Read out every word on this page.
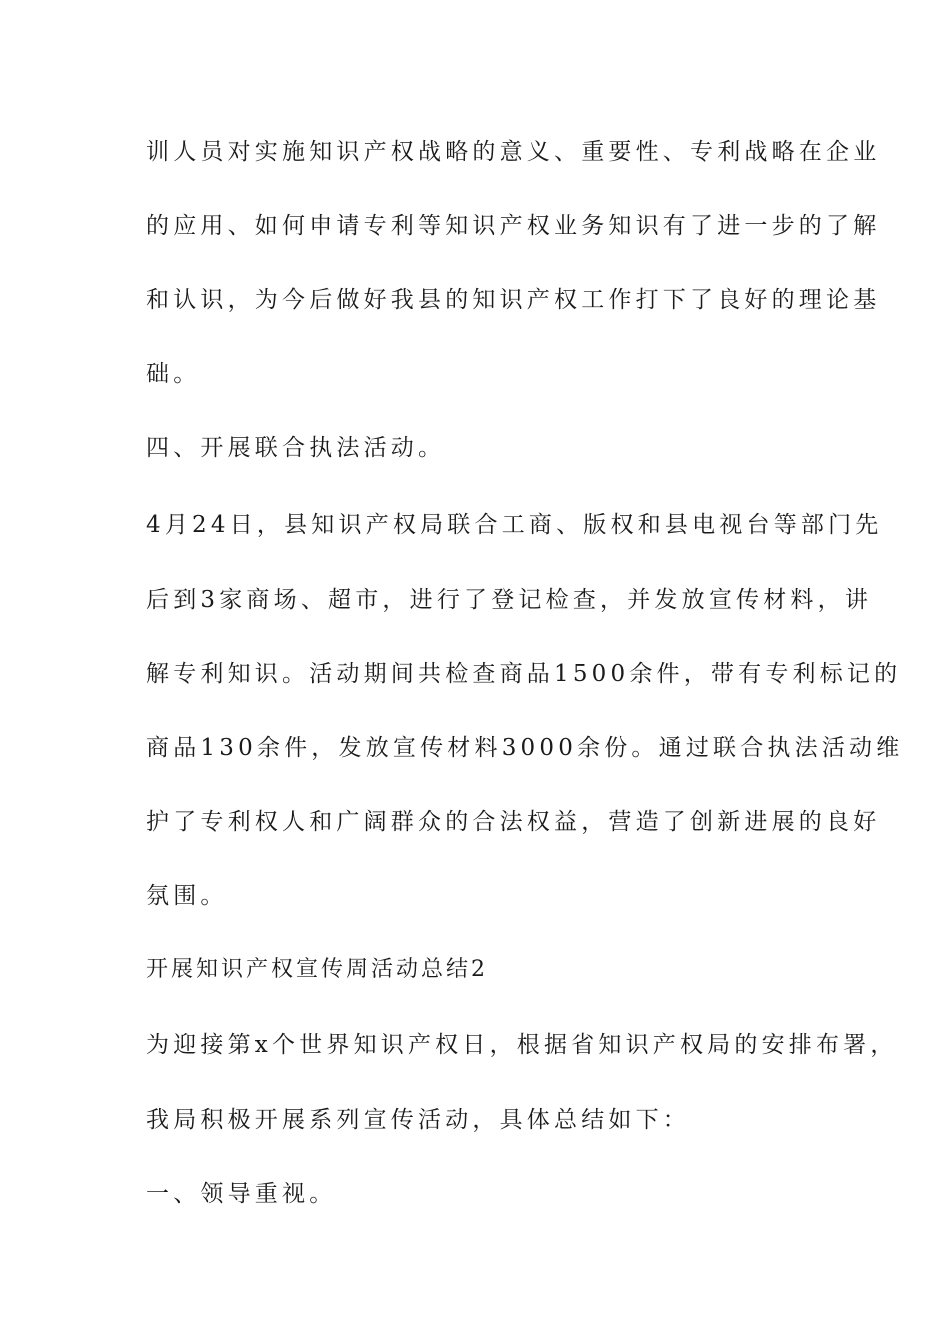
训人员对实施知识产权战略的意义、重要性、专利战略在企业
的应用、如何申请专利等知识产权业务知识有了进一步的了解
和认识，为今后做好我县的知识产权工作打下了良好的理论基
础。
四、开展联合执法活动。
4月24日，县知识产权局联合工商、版权和县电视台等部门先
后到3家商场、超市，进行了登记检查，并发放宣传材料，讲
解专利知识。活动期间共检查商品1500余件，带有专利标记的
商品130余件，发放宣传材料3000余份。通过联合执法活动维
护了专利权人和广阔群众的合法权益，营造了创新进展的良好
氛围。
开展知识产权宣传周活动总结2
为迎接第x个世界知识产权日，根据省知识产权局的安排布署，
我局积极开展系列宣传活动，具体总结如下：
一、领导重视。
